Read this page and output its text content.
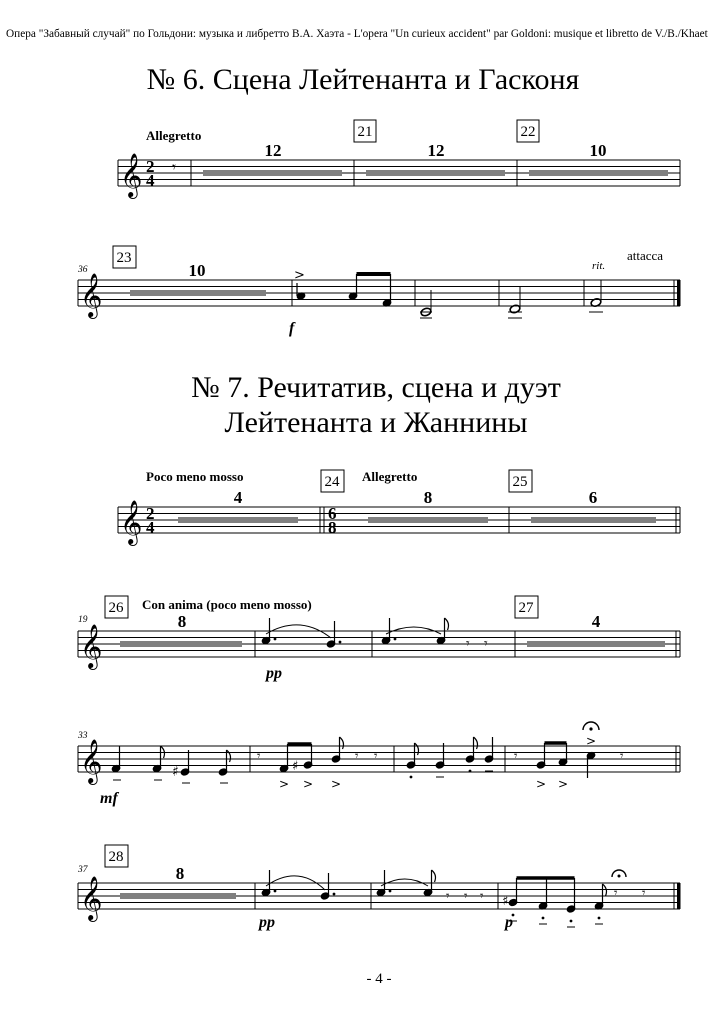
Опера "Забавный случай" по Гольдони: музыка и либретто В.А. Хаэта - L'opera "Un curieux accident" par Goldoni: musique et libretto de V./B./Khaet
№ 6. Сцена Лейтенанта и Гасконя
𝄞 2
4
𝄾
Allegretto
12	12	10
21	22
𝄞
36
23
10	>
f
rit.
attacca
№ 7. Речитатив, сцена и дуэт
Лейтенанта и Жаннины
𝄞 2
4
6
8
Poco meno mosso	Allegretto
24	25
4	8	6
𝄞
19
26 Con anima (poco meno mosso)	27
8	4
𝄾 𝄾
pp
𝄞
33
♯
𝄾
♯
> > >
𝄾 𝄾	𝄾
> >
>
𝄾
mf
𝄞
37
28
8
𝄾 𝄾 𝄾 ♯
𝄾 𝄾
pp	p
- 4 -
